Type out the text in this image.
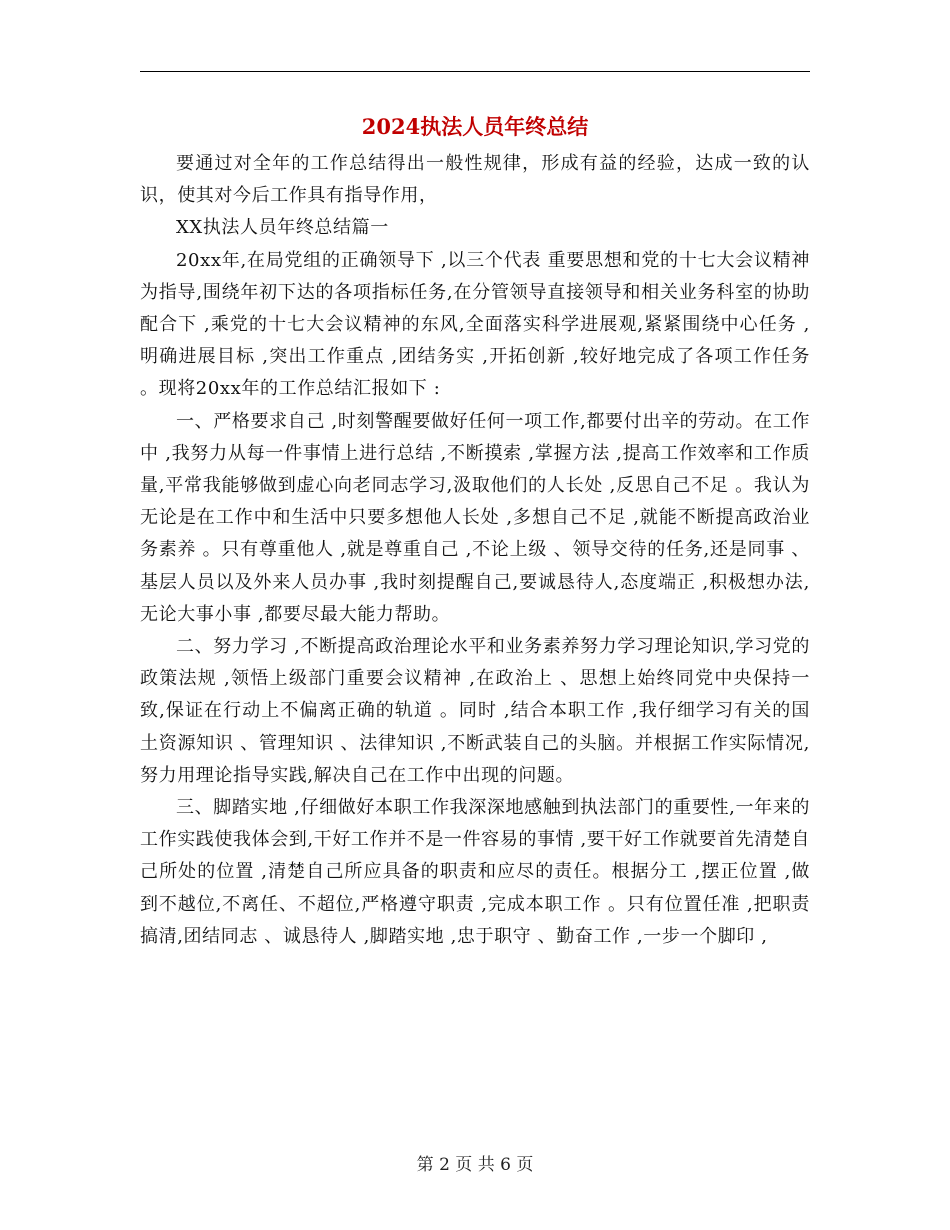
2024执法人员年终总结

要通过对全年的工作总结得出一般性规律，形成有益的经验，达成一致的认识，使其对今后工作具有指导作用，

XX执法人员年终总结篇一

20xx年,在局党组的正确领导下 ,以三个代表 重要思想和党的十七大会议精神为指导,围绕年初下达的各项指标任务,在分管领导直接领导和相关业务科室的协助配合下 ,乘党的十七大会议精神的东风,全面落实科学进展观,紧紧围绕中心任务 ,明确进展目标 ,突出工作重点 ,团结务实 ,开拓创新 ,较好地完成了各项工作任务 。现将20xx年的工作总结汇报如下 :

一、严格要求自己 ,时刻警醒要做好任何一项工作,都要付出辛的劳动。在工作中 ,我努力从每一件事情上进行总结 ,不断摸索 ,掌握方法 ,提高工作效率和工作质量,平常我能够做到虚心向老同志学习,汲取他们的人长处 ,反思自己不足 。我认为无论是在工作中和生活中只要多想他人长处 ,多想自己不足 ,就能不断提高政治业务素养 。只有尊重他人 ,就是尊重自己 ,不论上级 、领导交待的任务,还是同事 、基层人员以及外来人员办事 ,我时刻提醒自己,要诚恳待人,态度端正 ,积极想办法,无论大事小事 ,都要尽最大能力帮助。

二、努力学习 ,不断提高政治理论水平和业务素养努力学习理论知识,学习党的政策法规 ,领悟上级部门重要会议精神 ,在政治上 、思想上始终同党中央保持一致,保证在行动上不偏离正确的轨道 。同时 ,结合本职工作 ,我仔细学习有关的国土资源知识 、管理知识 、法律知识 ,不断武装自己的头脑。并根据工作实际情况,努力用理论指导实践,解决自己在工作中出现的问题。

三、脚踏实地 ,仔细做好本职工作我深深地感触到执法部门的重要性,一年来的工作实践使我体会到,干好工作并不是一件容易的事情 ,要干好工作就要首先清楚自己所处的位置 ,清楚自己所应具备的职责和应尽的责任。根据分工 ,摆正位置 ,做到不越位,不离任、不超位,严格遵守职责 ,完成本职工作 。只有位置任准 ,把职责搞清,团结同志 、诚恳待人 ,脚踏实地 ,忠于职守 、勤奋工作 ,一步一个脚印 ,

第 2 页 共 6 页
